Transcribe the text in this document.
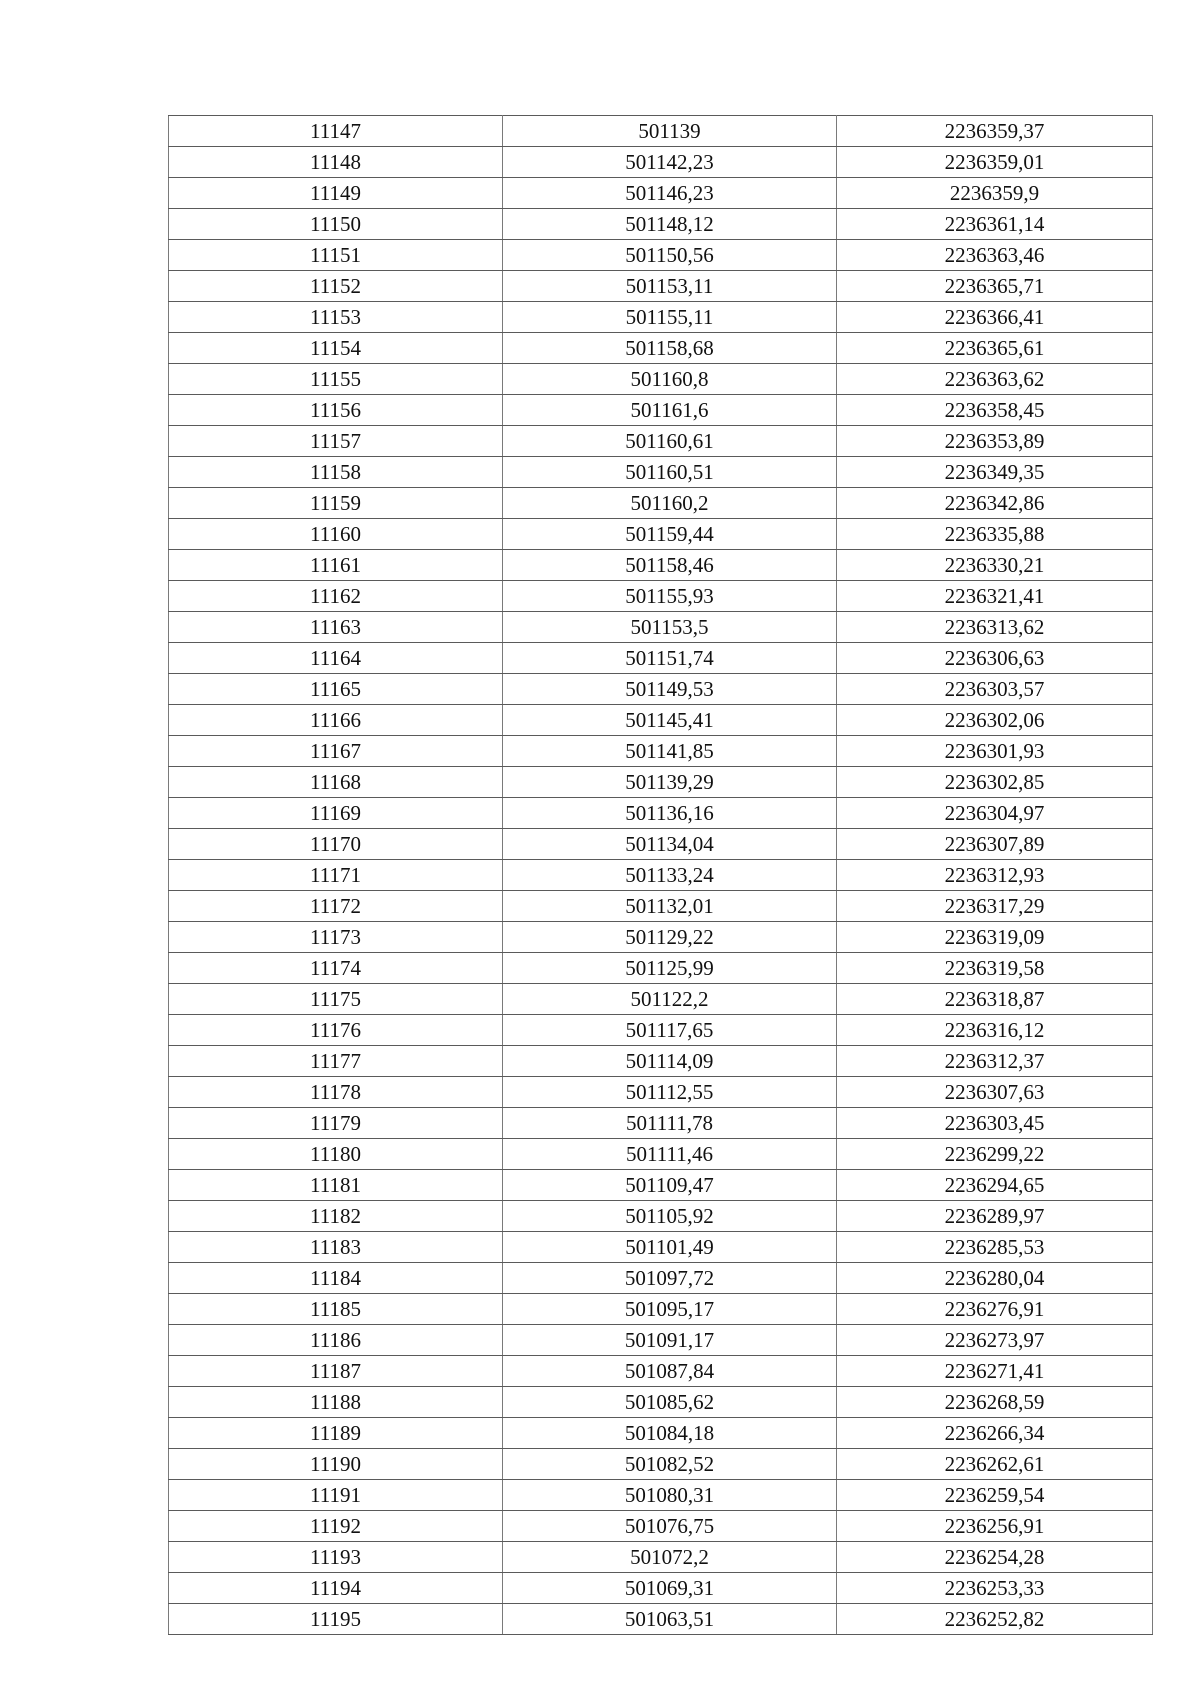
11147	501139	2236359,37
11148	501142,23	2236359,01
11149	501146,23	2236359,9
11150	501148,12	2236361,14
11151	501150,56	2236363,46
11152	501153,11	2236365,71
11153	501155,11	2236366,41
11154	501158,68	2236365,61
11155	501160,8	2236363,62
11156	501161,6	2236358,45
11157	501160,61	2236353,89
11158	501160,51	2236349,35
11159	501160,2	2236342,86
11160	501159,44	2236335,88
11161	501158,46	2236330,21
11162	501155,93	2236321,41
11163	501153,5	2236313,62
11164	501151,74	2236306,63
11165	501149,53	2236303,57
11166	501145,41	2236302,06
11167	501141,85	2236301,93
11168	501139,29	2236302,85
11169	501136,16	2236304,97
11170	501134,04	2236307,89
11171	501133,24	2236312,93
11172	501132,01	2236317,29
11173	501129,22	2236319,09
11174	501125,99	2236319,58
11175	501122,2	2236318,87
11176	501117,65	2236316,12
11177	501114,09	2236312,37
11178	501112,55	2236307,63
11179	501111,78	2236303,45
11180	501111,46	2236299,22
11181	501109,47	2236294,65
11182	501105,92	2236289,97
11183	501101,49	2236285,53
11184	501097,72	2236280,04
11185	501095,17	2236276,91
11186	501091,17	2236273,97
11187	501087,84	2236271,41
11188	501085,62	2236268,59
11189	501084,18	2236266,34
11190	501082,52	2236262,61
11191	501080,31	2236259,54
11192	501076,75	2236256,91
11193	501072,2	2236254,28
11194	501069,31	2236253,33
11195	501063,51	2236252,82
